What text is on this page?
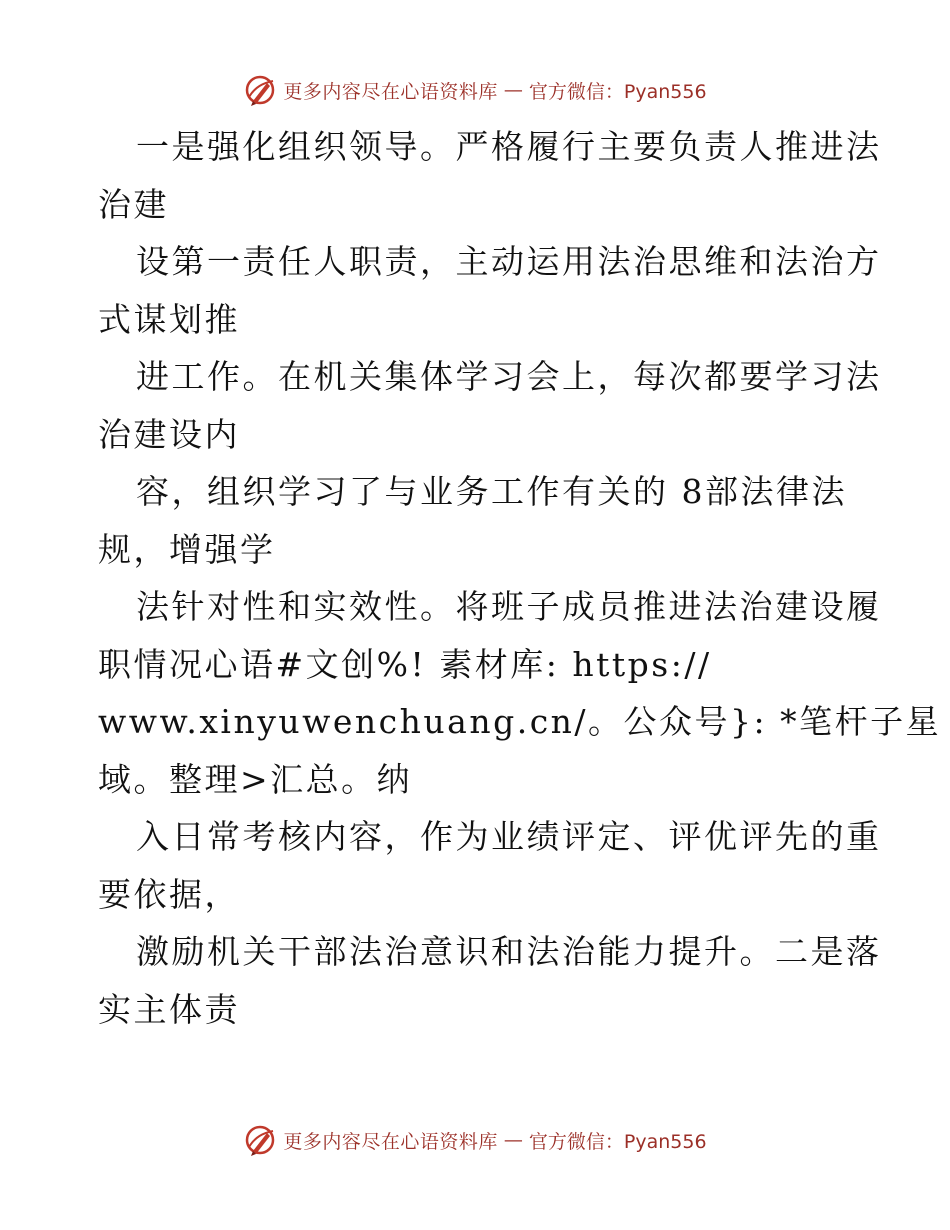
更多内容尽在心语资料库 — 官方微信：Pyan556
一是强化组织领导。严格履行主要负责人推进法
治建
设第一责任人职责，主动运用法治思维和法治方
式谋划推
进工作。在机关集体学习会上，每次都要学习法
治建设内
容，组织学习了与业务工作有关的 8部法律法
规，增强学
法针对性和实效性。将班子成员推进法治建设履
职情况心语#文创%! 素材库: https://
www.xinyuwenchuang.cn/。公众号}: *笔杆子星
域。整理>汇总。纳
入日常考核内容，作为业绩评定、评优评先的重
要依据，
激励机关干部法治意识和法治能力提升。二是落
实主体责
更多内容尽在心语资料库 — 官方微信：Pyan556
